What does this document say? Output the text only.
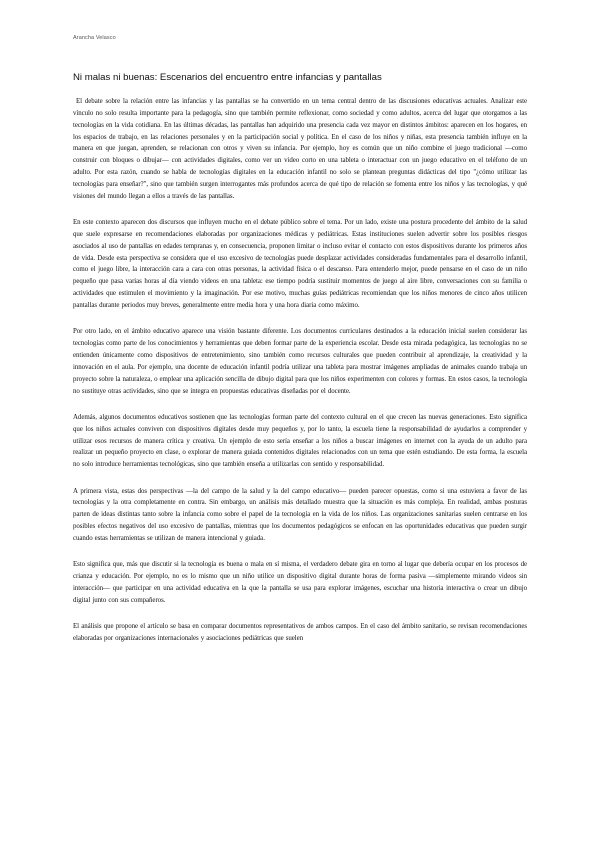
Arancha Velasco
Ni malas ni buenas: Escenarios del encuentro entre infancias y pantallas

El debate sobre la relación entre las infancias y las pantallas se ha convertido en un tema central dentro de las discusiones educativas actuales. Analizar este vínculo no solo resulta importante para la pedagogía, sino que también permite reflexionar, como sociedad y como adultos, acerca del lugar que otorgamos a las tecnologías en la vida cotidiana. En las últimas décadas, las pantallas han adquirido una presencia cada vez mayor en distintos ámbitos: aparecen en los hogares, en los espacios de trabajo, en las relaciones personales y en la participación social y política. En el caso de los niños y niñas, esta presencia también influye en la manera en que juegan, aprenden, se relacionan con otros y viven su infancia. Por ejemplo, hoy es común que un niño combine el juego tradicional —como construir con bloques o dibujar— con actividades digitales, como ver un video corto en una tableta o interactuar con un juego educativo en el teléfono de un adulto. Por esta razón, cuando se habla de tecnologías digitales en la educación infantil no solo se plantean preguntas didácticas del tipo "¿cómo utilizar las tecnologías para enseñar?", sino que también surgen interrogantes más profundos acerca de qué tipo de relación se fomenta entre los niños y las tecnologías, y qué visiones del mundo llegan a ellos a través de las pantallas.

En este contexto aparecen dos discursos que influyen mucho en el debate público sobre el tema. Por un lado, existe una postura procedente del ámbito de la salud que suele expresarse en recomendaciones elaboradas por organizaciones médicas y pediátricas. Estas instituciones suelen advertir sobre los posibles riesgos asociados al uso de pantallas en edades tempranas y, en consecuencia, proponen limitar o incluso evitar el contacto con estos dispositivos durante los primeros años de vida. Desde esta perspectiva se considera que el uso excesivo de tecnologías puede desplazar actividades consideradas fundamentales para el desarrollo infantil, como el juego libre, la interacción cara a cara con otras personas, la actividad física o el descanso. Para entenderlo mejor, puede pensarse en el caso de un niño pequeño que pasa varias horas al día viendo videos en una tableta: ese tiempo podría sustituir momentos de juego al aire libre, conversaciones con su familia o actividades que estimulen el movimiento y la imaginación. Por ese motivo, muchas guías pediátricas recomiendan que los niños menores de cinco años utilicen pantallas durante periodos muy breves, generalmente entre media hora y una hora diaria como máximo.

Por otro lado, en el ámbito educativo aparece una visión bastante diferente. Los documentos curriculares destinados a la educación inicial suelen considerar las tecnologías como parte de los conocimientos y herramientas que deben formar parte de la experiencia escolar. Desde esta mirada pedagógica, las tecnologías no se entienden únicamente como dispositivos de entretenimiento, sino también como recursos culturales que pueden contribuir al aprendizaje, la creatividad y la innovación en el aula. Por ejemplo, una docente de educación infantil podría utilizar una tableta para mostrar imágenes ampliadas de animales cuando trabaja un proyecto sobre la naturaleza, o emplear una aplicación sencilla de dibujo digital para que los niños experimenten con colores y formas. En estos casos, la tecnología no sustituye otras actividades, sino que se integra en propuestas educativas diseñadas por el docente.

Además, algunos documentos educativos sostienen que las tecnologías forman parte del contexto cultural en el que crecen las nuevas generaciones. Esto significa que los niños actuales conviven con dispositivos digitales desde muy pequeños y, por lo tanto, la escuela tiene la responsabilidad de ayudarlos a comprender y utilizar esos recursos de manera crítica y creativa. Un ejemplo de esto sería enseñar a los niños a buscar imágenes en internet con la ayuda de un adulto para realizar un pequeño proyecto en clase, o explorar de manera guiada contenidos digitales relacionados con un tema que estén estudiando. De esta forma, la escuela no solo introduce herramientas tecnológicas, sino que también enseña a utilizarlas con sentido y responsabilidad.

A primera vista, estas dos perspectivas —la del campo de la salud y la del campo educativo— pueden parecer opuestas, como si una estuviera a favor de las tecnologías y la otra completamente en contra. Sin embargo, un análisis más detallado muestra que la situación es más compleja. En realidad, ambas posturas parten de ideas distintas tanto sobre la infancia como sobre el papel de la tecnología en la vida de los niños. Las organizaciones sanitarias suelen centrarse en los posibles efectos negativos del uso excesivo de pantallas, mientras que los documentos pedagógicos se enfocan en las oportunidades educativas que pueden surgir cuando estas herramientas se utilizan de manera intencional y guiada.

Esto significa que, más que discutir si la tecnología es buena o mala en sí misma, el verdadero debate gira en torno al lugar que debería ocupar en los procesos de crianza y educación. Por ejemplo, no es lo mismo que un niño utilice un dispositivo digital durante horas de forma pasiva —simplemente mirando videos sin interacción— que participar en una actividad educativa en la que la pantalla se usa para explorar imágenes, escuchar una historia interactiva o crear un dibujo digital junto con sus compañeros.

El análisis que propone el artículo se basa en comparar documentos representativos de ambos campos. En el caso del ámbito sanitario, se revisan recomendaciones elaboradas por organizaciones internacionales y asociaciones pediátricas que suelen
